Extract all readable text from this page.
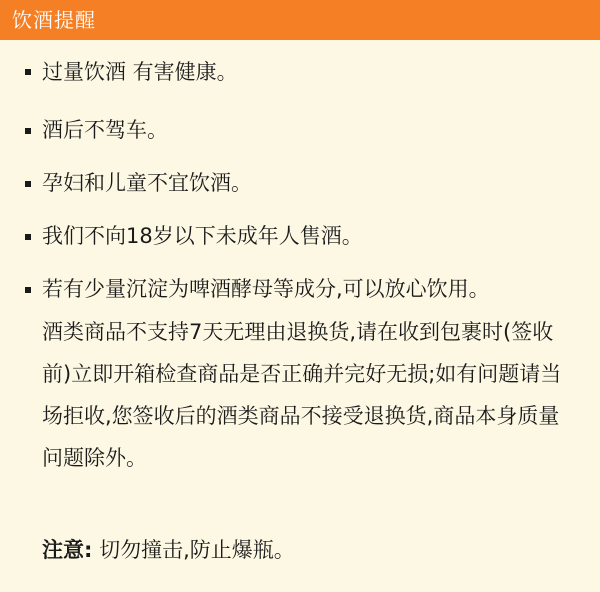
饮酒提醒
过量饮酒 有害健康。
酒后不驾车。
孕妇和儿童不宜饮酒。
我们不向18岁以下未成年人售酒。
若有少量沉淀为啤酒酵母等成分,可以放心饮用。
酒类商品不支持7天无理由退换货,请在收到包裹时(签收
前)立即开箱检查商品是否正确并完好无损;如有问题请当
场拒收,您签收后的酒类商品不接受退换货,商品本身质量
问题除外。
注意: 切勿撞击,防止爆瓶。
